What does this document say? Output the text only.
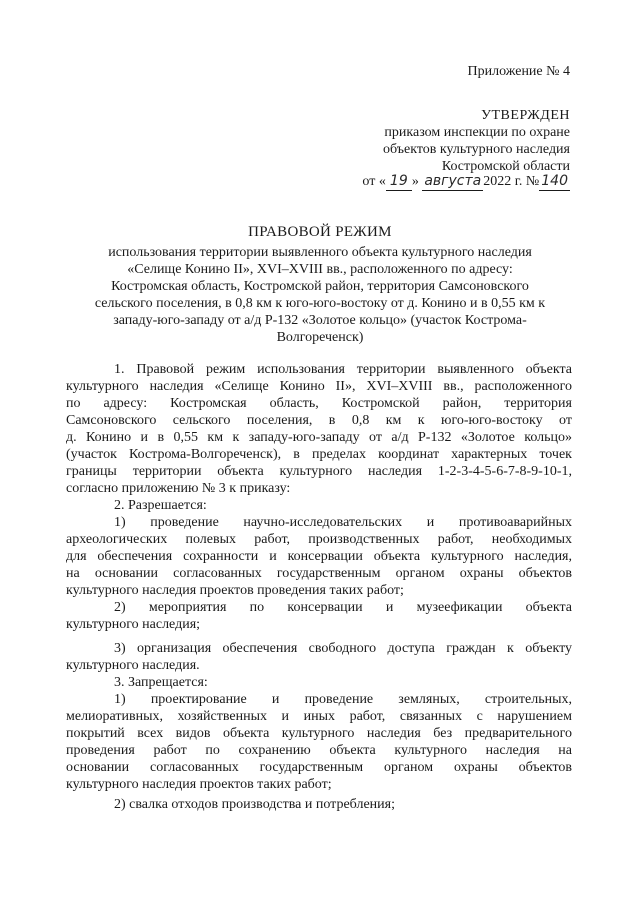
Приложение № 4
УТВЕРЖДЕН
приказом инспекции по охране
объектов культурного наследия
Костромской области
от « 19 » августа 2022 г. № 140
ПРАВОВОЙ РЕЖИМ
использования территории выявленного объекта культурного наследия
«Селище Конино II», XVI–XVIII вв., расположенного по адресу:
Костромская область, Костромской район, территория Самсоновского
сельского поселения, в 0,8 км к юго-юго-востоку от д. Конино и в 0,55 км к
западу-юго-западу от а/д Р-132 «Золотое кольцо» (участок Кострома-
Волгореченск)
1. Правовой режим использования территории выявленного объекта
культурного наследия «Селище Конино II», XVI–XVIII вв., расположенного
по адресу: Костромская область, Костромской район, территория
Самсоновского сельского поселения, в 0,8 км к юго-юго-востоку от
д. Конино и в 0,55 км к западу-юго-западу от а/д Р-132 «Золотое кольцо»
(участок Кострома-Волгореченск), в пределах координат характерных точек
границы территории объекта культурного наследия 1-2-3-4-5-6-7-8-9-10-1,
согласно приложению № 3 к приказу:
2. Разрешается:
1) проведение научно-исследовательских и противоаварийных
археологических полевых работ, производственных работ, необходимых
для обеспечения сохранности и консервации объекта культурного наследия,
на основании согласованных государственным органом охраны объектов
культурного наследия проектов проведения таких работ;
2) мероприятия по консервации и музеефикации объекта
культурного наследия;
3) организация обеспечения свободного доступа граждан к объекту
культурного наследия.
3. Запрещается:
1) проектирование и проведение земляных, строительных,
мелиоративных, хозяйственных и иных работ, связанных с нарушением
покрытий всех видов объекта культурного наследия без предварительного
проведения работ по сохранению объекта культурного наследия на
основании согласованных государственным органом охраны объектов
культурного наследия проектов таких работ;
2) свалка отходов производства и потребления;
